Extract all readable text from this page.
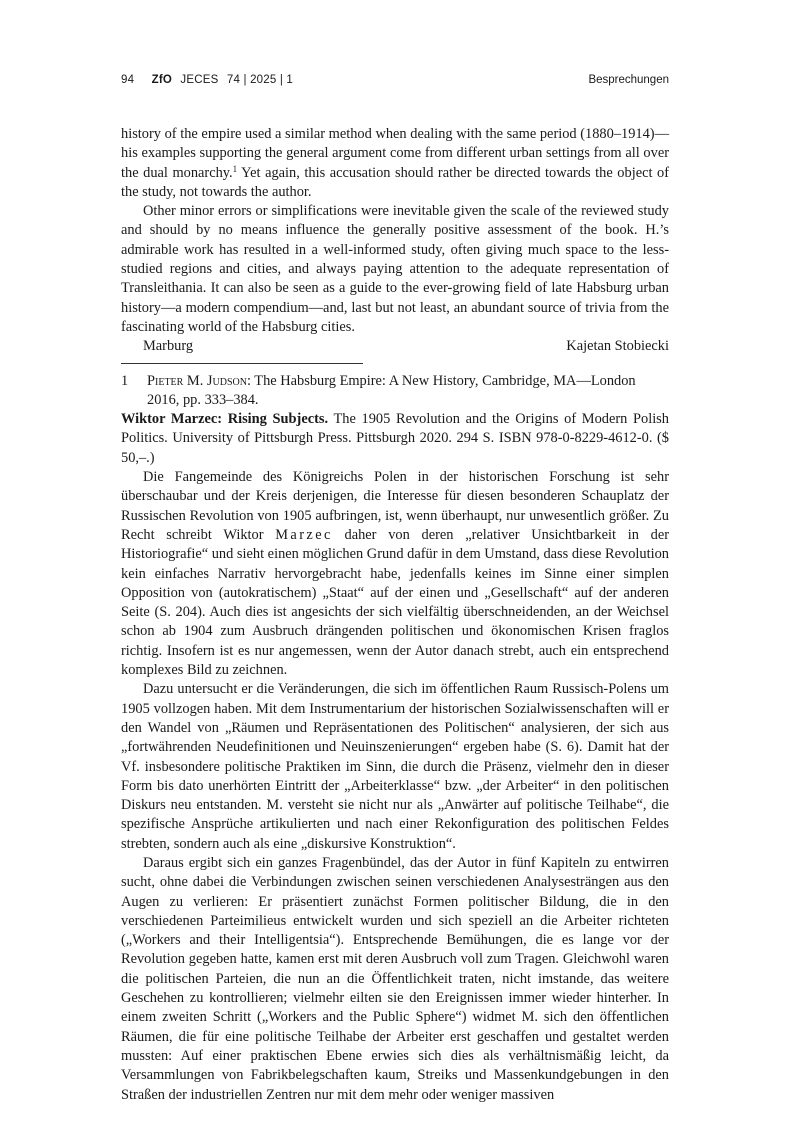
94 ZfO JECES 74 | 2025 | 1	Besprechungen

history of the empire used a similar method when dealing with the same period (1880–1914)—his examples supporting the general argument come from different urban settings from all over the dual monarchy.$^1$ Yet again, this accusation should rather be directed towards the object of the study, not towards the author.

Other minor errors or simplifications were inevitable given the scale of the reviewed study and should by no means influence the generally positive assessment of the book. H.’s admirable work has resulted in a well-informed study, often giving much space to the less-studied regions and cities, and always paying attention to the adequate representation of Transleithania. It can also be seen as a guide to the ever-growing field of late Habsburg urban history—a modern compendium—and, last but not least, an abundant source of trivia from the fascinating world of the Habsburg cities.

Marburg	Kajetan Stobiecki
1 Pieter M. Judson: The Habsburg Empire: A New History, Cambridge, MA—London 2016, pp. 333–384.

Wiktor Marzec: Rising Subjects. The 1905 Revolution and the Origins of Modern Polish Politics. University of Pittsburgh Press. Pittsburgh 2020. 294 S. ISBN 978-0-8229-4612-0. ($ 50,–.)

Die Fangemeinde des Königreichs Polen in der historischen Forschung ist sehr überschaubar und der Kreis derjenigen, die Interesse für diesen besonderen Schauplatz der Russischen Revolution von 1905 aufbringen, ist, wenn überhaupt, nur unwesentlich größer. Zu Recht schreibt Wiktor Marzec daher von deren „relativer Unsichtbarkeit in der Historiografie“ und sieht einen möglichen Grund dafür in dem Umstand, dass diese Revolution kein einfaches Narrativ hervorgebracht habe, jedenfalls keines im Sinne einer simplen Opposition von (autokratischem) „Staat“ auf der einen und „Gesellschaft“ auf der anderen Seite (S. 204). Auch dies ist angesichts der sich vielfältig überschneidenden, an der Weichsel schon ab 1904 zum Ausbruch drängenden politischen und ökonomischen Krisen fraglos richtig. Insofern ist es nur angemessen, wenn der Autor danach strebt, auch ein entsprechend komplexes Bild zu zeichnen.

Dazu untersucht er die Veränderungen, die sich im öffentlichen Raum Russisch-Polens um 1905 vollzogen haben. Mit dem Instrumentarium der historischen Sozialwissenschaften will er den Wandel von „Räumen und Repräsentationen des Politischen“ analysieren, der sich aus „fortwährenden Neudefinitionen und Neuinszenierungen“ ergeben habe (S. 6). Damit hat der Vf. insbesondere politische Praktiken im Sinn, die durch die Präsenz, vielmehr den in dieser Form bis dato unerhörten Eintritt der „Arbeiterklasse“ bzw. „der Arbeiter“ in den politischen Diskurs neu entstanden. M. versteht sie nicht nur als „Anwärter auf politische Teilhabe“, die spezifische Ansprüche artikulierten und nach einer Rekonfiguration des politischen Feldes strebten, sondern auch als eine „diskursive Konstruktion“.

Daraus ergibt sich ein ganzes Fragenbündel, das der Autor in fünf Kapiteln zu entwirren sucht, ohne dabei die Verbindungen zwischen seinen verschiedenen Analysesträngen aus den Augen zu verlieren: Er präsentiert zunächst Formen politischer Bildung, die in den verschiedenen Parteimilieus entwickelt wurden und sich speziell an die Arbeiter richteten („Workers and their Intelligentsia“). Entsprechende Bemühungen, die es lange vor der Revolution gegeben hatte, kamen erst mit deren Ausbruch voll zum Tragen. Gleichwohl waren die politischen Parteien, die nun an die Öffentlichkeit traten, nicht imstande, das weitere Geschehen zu kontrollieren; vielmehr eilten sie den Ereignissen immer wieder hinterher. In einem zweiten Schritt („Workers and the Public Sphere“) widmet M. sich den öffentlichen Räumen, die für eine politische Teilhabe der Arbeiter erst geschaffen und gestaltet werden mussten: Auf einer praktischen Ebene erwies sich dies als verhältnismäßig leicht, da Versammlungen von Fabrikbelegschaften kaum, Streiks und Massenkundgebungen in den Straßen der industriellen Zentren nur mit dem mehr oder weniger massiven
